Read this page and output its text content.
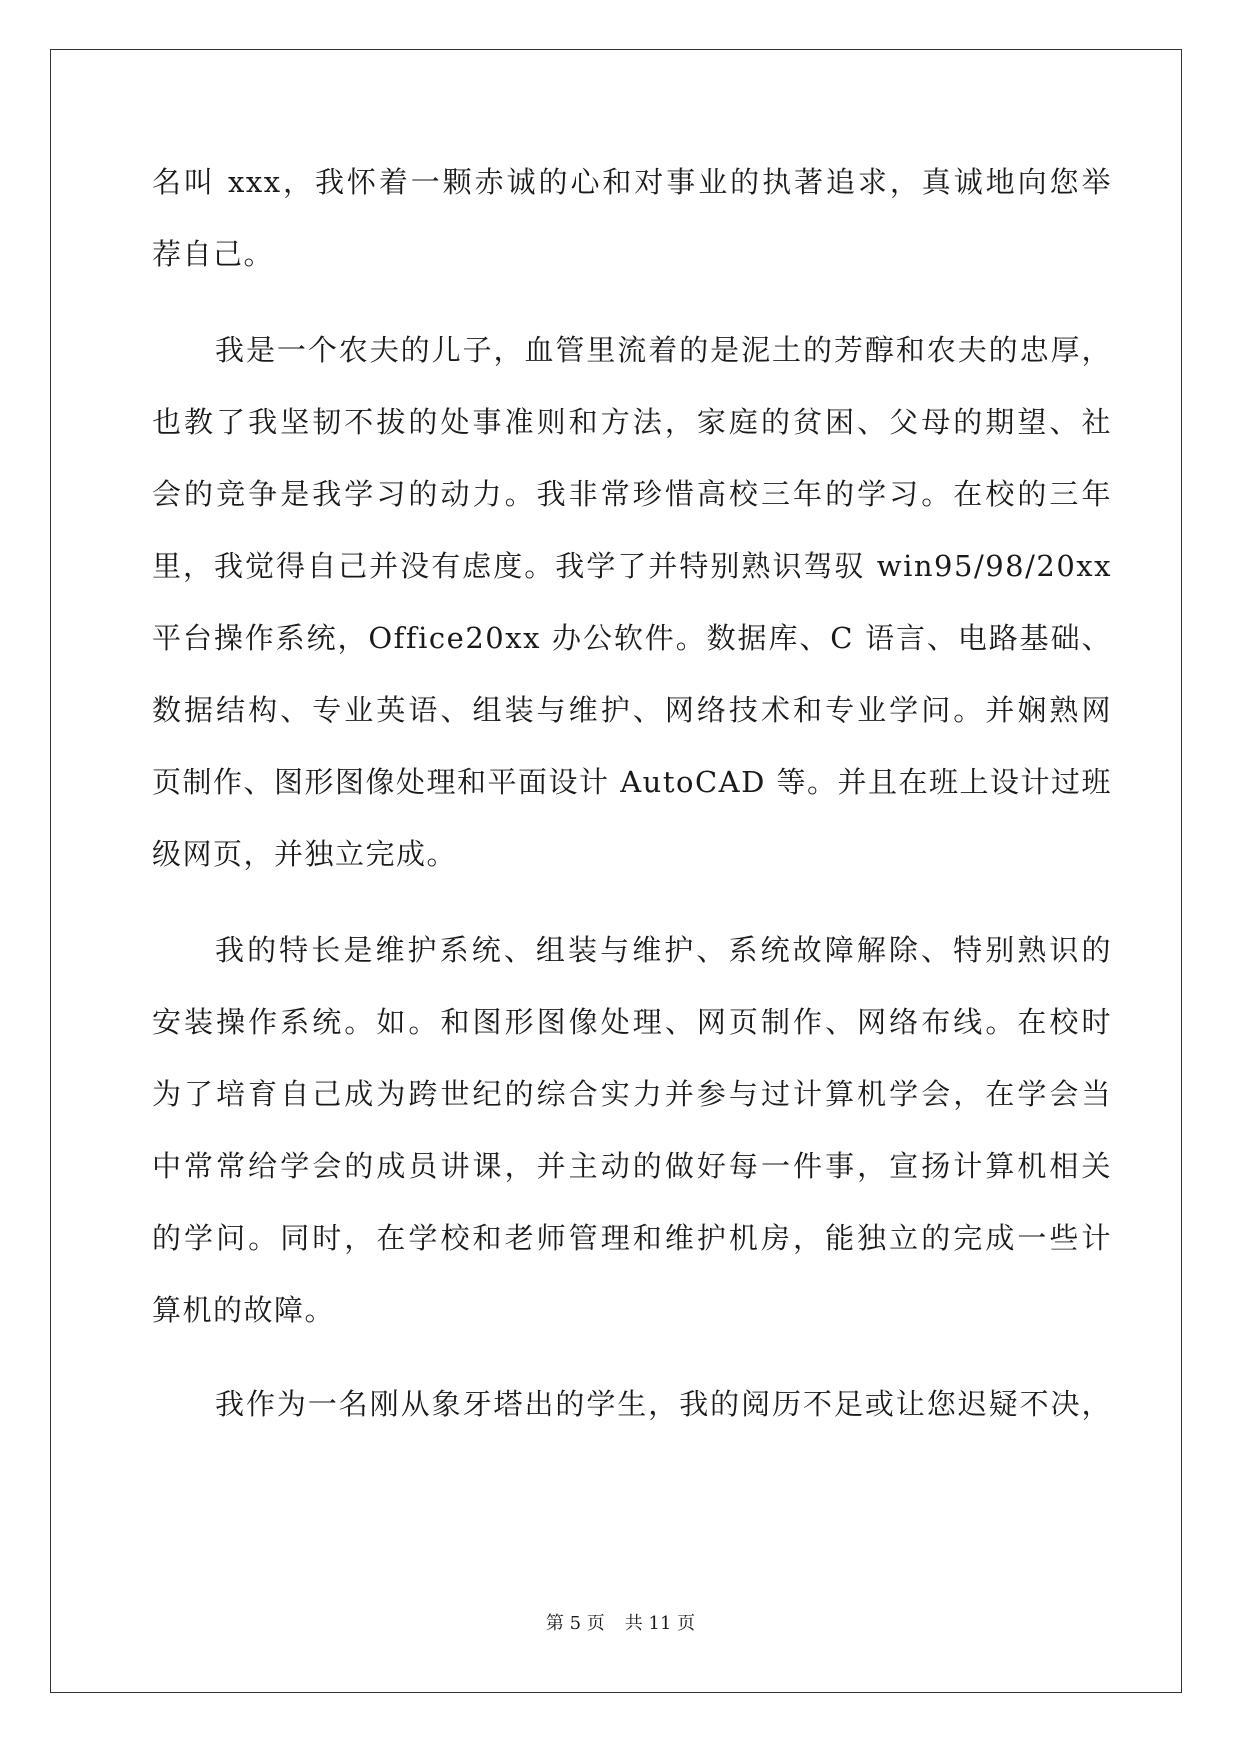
名叫 xxx，我怀着一颗赤诚的心和对事业的执著追求，真诚地向您举
荐自己。
我是一个农夫的儿子，血管里流着的是泥土的芳醇和农夫的忠厚，
也教了我坚韧不拔的处事准则和方法，家庭的贫困、父母的期望、社
会的竞争是我学习的动力。我非常珍惜高校三年的学习。在校的三年
里，我觉得自己并没有虑度。我学了并特别熟识驾驭 win95/98/20xx
平台操作系统，Office20xx 办公软件。数据库、C 语言、电路基础、
数据结构、专业英语、组装与维护、网络技术和专业学问。并娴熟网
页制作、图形图像处理和平面设计 AutoCAD 等。并且在班上设计过班
级网页，并独立完成。
我的特长是维护系统、组装与维护、系统故障解除、特别熟识的
安装操作系统。如。和图形图像处理、网页制作、网络布线。在校时
为了培育自己成为跨世纪的综合实力并参与过计算机学会，在学会当
中常常给学会的成员讲课，并主动的做好每一件事，宣扬计算机相关
的学问。同时，在学校和老师管理和维护机房，能独立的完成一些计
算机的故障。
我作为一名刚从象牙塔出的学生，我的阅历不足或让您迟疑不决，
第 5 页 共 11 页
